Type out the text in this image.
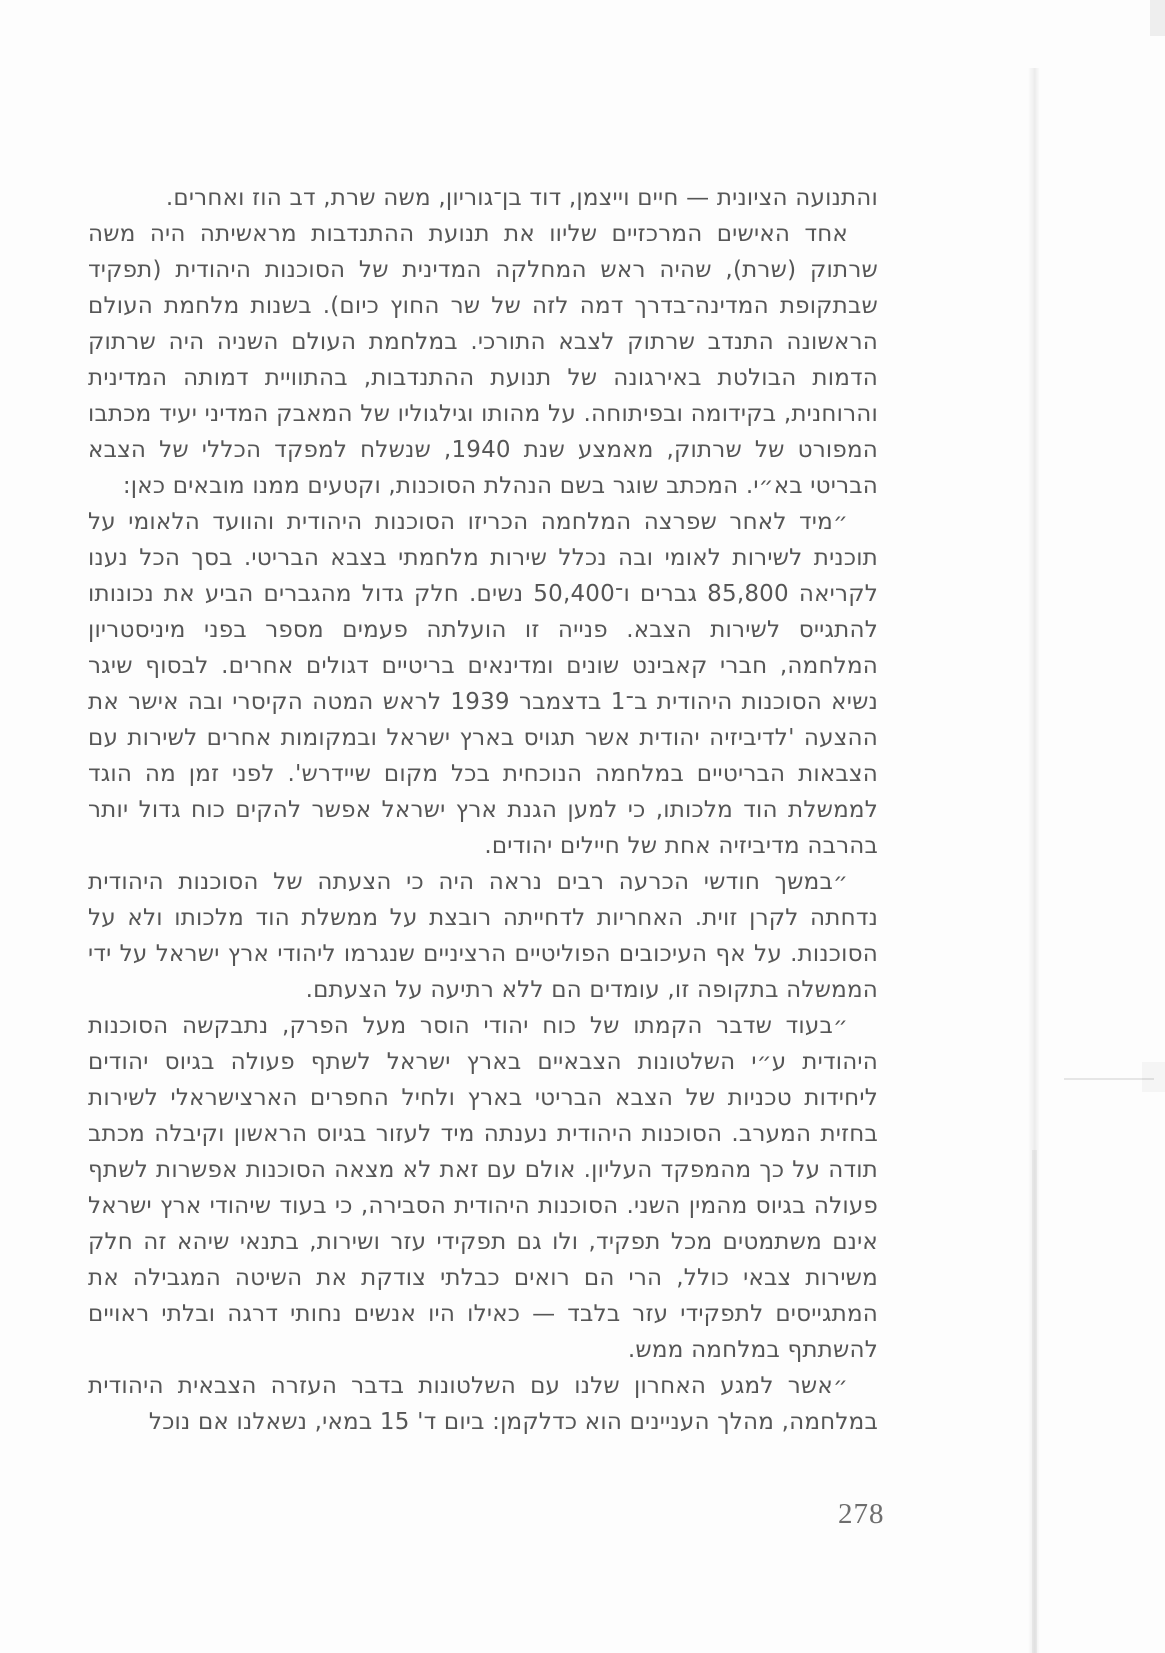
והתנועה הציונית — חיים וייצמן, דוד בן־גוריון, משה שרת, דב הוז ואחרים.

אחד האישים המרכזיים שליוו את תנועת ההתנדבות מראשיתה היה משה שרתוק (שרת), שהיה ראש המחלקה המדינית של הסוכנות היהודית (תפקיד שבתקופת המדינה־בדרך דמה לזה של שר החוץ כיום). בשנות מלחמת העולם הראשונה התנדב שרתוק לצבא התורכי. במלחמת העולם השניה היה שרתוק הדמות הבולטת באירגונה של תנועת ההתנדבות, בהתוויית דמותה המדינית והרוחנית, בקידומה ובפיתוחה. על מהותו וגילגוליו של המאבק המדיני יעיד מכתבו המפורט של שרתוק, מאמצע שנת 1940, שנשלח למפקד הכללי של הצבא הבריטי בא״י. המכתב שוגר בשם הנהלת הסוכנות, וקטעים ממנו מובאים כאן:

״מיד לאחר שפרצה המלחמה הכריזו הסוכנות היהודית והוועד הלאומי על תוכנית לשירות לאומי ובה נכלל שירות מלחמתי בצבא הבריטי. בסך הכל נענו לקריאה 85,800 גברים ו־50,400 נשים. חלק גדול מהגברים הביע את נכונותו להתגייס לשירות הצבא. פנייה זו הועלתה פעמים מספר בפני מיניסטריון המלחמה, חברי קאבינט שונים ומדינאים בריטיים דגולים אחרים. לבסוף שיגר נשיא הסוכנות היהודית ב־1 בדצמבר 1939 לראש המטה הקיסרי ובה אישר את ההצעה 'לדיביזיה יהודית אשר תגויס בארץ ישראל ובמקומות אחרים לשירות עם הצבאות הבריטיים במלחמה הנוכחית בכל מקום שיידרש'. לפני זמן מה הוגד לממשלת הוד מלכותו, כי למען הגנת ארץ ישראל אפשר להקים כוח גדול יותר בהרבה מדיביזיה אחת של חיילים יהודים.

״במשך חודשי הכרעה רבים נראה היה כי הצעתה של הסוכנות היהודית נדחתה לקרן זוית. האחריות לדחייתה רובצת על ממשלת הוד מלכותו ולא על הסוכנות. על אף העיכובים הפוליטיים הרציניים שנגרמו ליהודי ארץ ישראל על ידי הממשלה בתקופה זו, עומדים הם ללא רתיעה על הצעתם.

״בעוד שדבר הקמתו של כוח יהודי הוסר מעל הפרק, נתבקשה הסוכנות היהודית ע״י השלטונות הצבאיים בארץ ישראל לשתף פעולה בגיוס יהודים ליחידות טכניות של הצבא הבריטי בארץ ולחיל החפרים הארצישראלי לשירות בחזית המערב. הסוכנות היהודית נענתה מיד לעזור בגיוס הראשון וקיבלה מכתב תודה על כך מהמפקד העליון. אולם עם זאת לא מצאה הסוכנות אפשרות לשתף פעולה בגיוס מהמין השני. הסוכנות היהודית הסבירה, כי בעוד שיהודי ארץ ישראל אינם משתמטים מכל תפקיד, ולו גם תפקידי עזר ושירות, בתנאי שיהא זה חלק משירות צבאי כולל, הרי הם רואים כבלתי צודקת את השיטה המגבילה את המתגייסים לתפקידי עזר בלבד — כאילו היו אנשים נחותי דרגה ובלתי ראויים להשתתף במלחמה ממש.

״אשר למגע האחרון שלנו עם השלטונות בדבר העזרה הצבאית היהודית במלחמה, מהלך העניינים הוא כדלקמן: ביום ד' 15 במאי, נשאלנו אם נוכל

278
